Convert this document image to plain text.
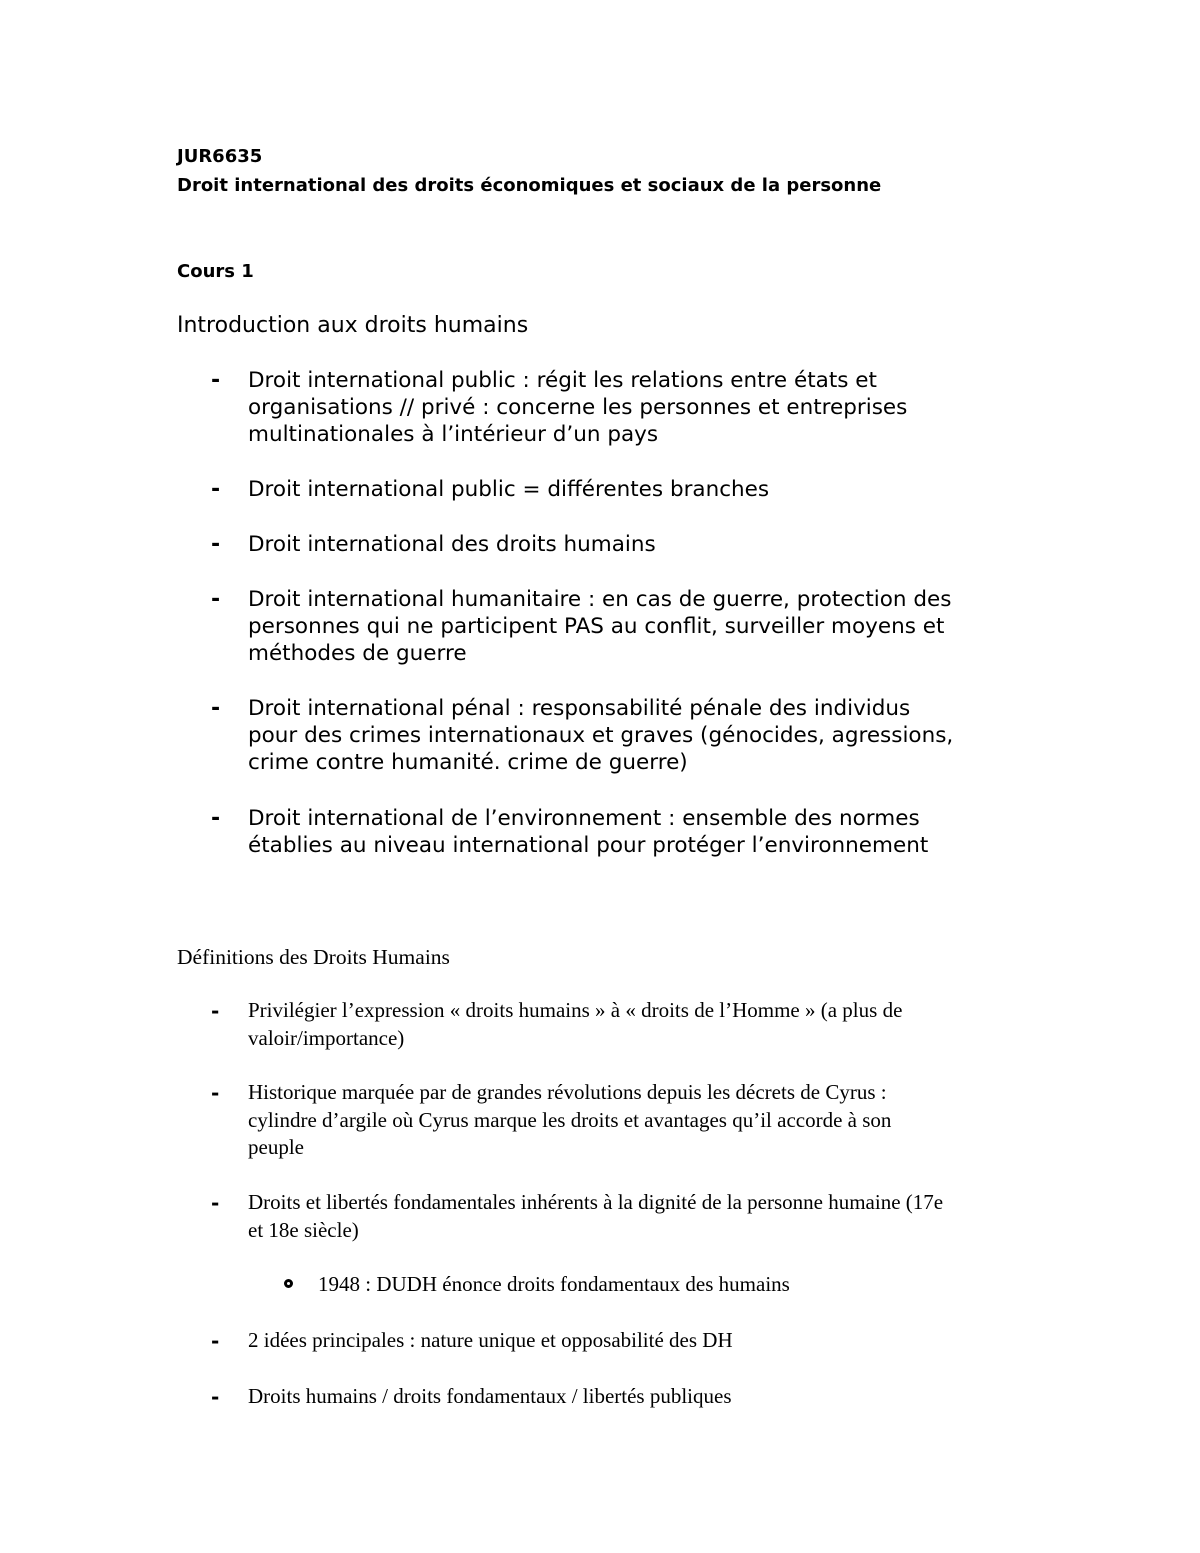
JUR6635
Droit international des droits économiques et sociaux de la personne
Cours 1
Introduction aux droits humains
- Droit international public : régit les relations entre états et
organisations // privé : concerne les personnes et entreprises
multinationales à l’intérieur d’un pays
- Droit international public = différentes branches
- Droit international des droits humains
- Droit international humanitaire : en cas de guerre, protection des
personnes qui ne participent PAS au conflit, surveiller moyens et
méthodes de guerre
- Droit international pénal : responsabilité pénale des individus
pour des crimes internationaux et graves (génocides, agressions,
crime contre humanité. crime de guerre)
- Droit international de l’environnement : ensemble des normes
établies au niveau international pour protéger l’environnement
Définitions des Droits Humains
- Privilégier l’expression « droits humains » à « droits de l’Homme » (a plus de
valoir/importance)
- Historique marquée par de grandes révolutions depuis les décrets de Cyrus :
cylindre d’argile où Cyrus marque les droits et avantages qu’il accorde à son
peuple
- Droits et libertés fondamentales inhérents à la dignité de la personne humaine (17e
et 18e siècle)
1948 : DUDH énonce droits fondamentaux des humains
- 2 idées principales : nature unique et opposabilité des DH
- Droits humains / droits fondamentaux / libertés publiques
